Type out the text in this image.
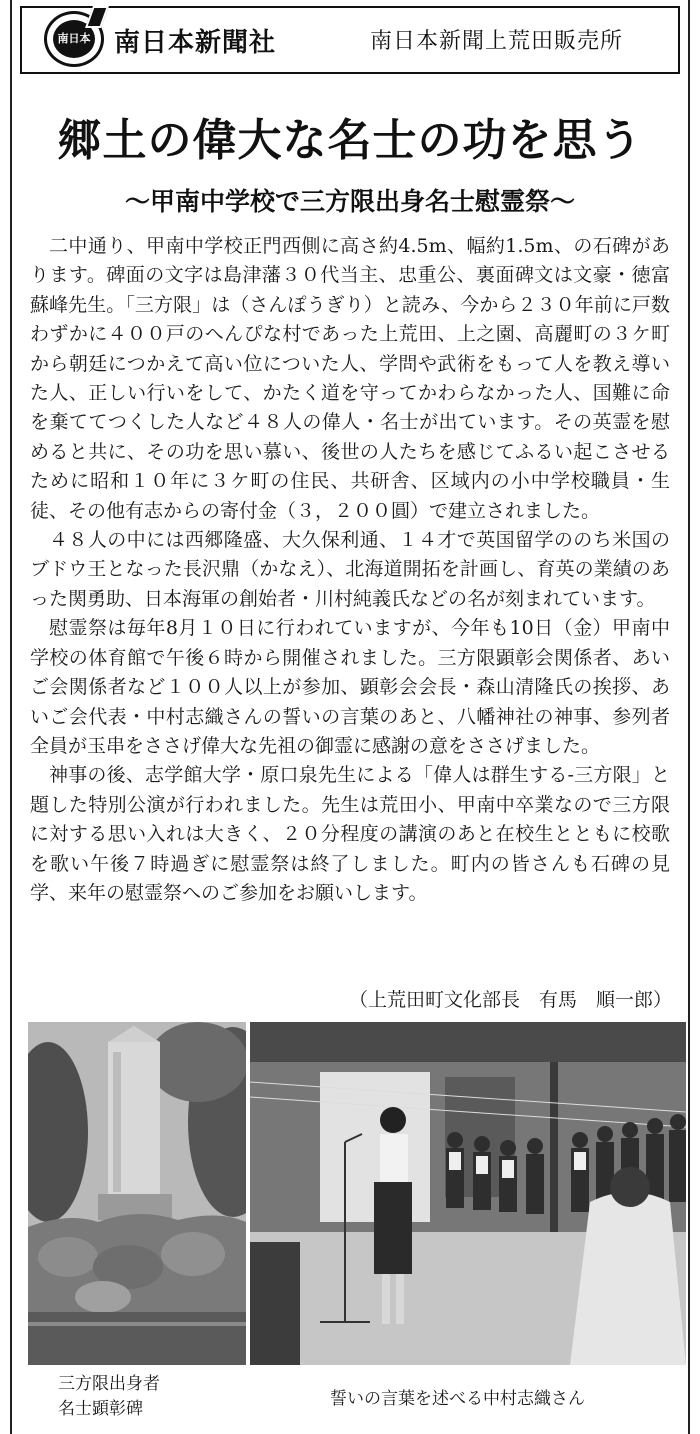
南日本 南日本新聞社	南日本新聞上荒田販売所
郷土の偉大な名士の功を思う
〜甲南中学校で三方限出身名士慰霊祭〜

二中通り、甲南中学校正門西側に高さ約4.5m、幅約1.5m、の石碑があります。碑面の文字は島津藩３０代当主、忠重公、裏面碑文は文豪・徳富蘇峰先生。「三方限」は（さんぽうぎり）と読み、今から２３０年前に戸数わずかに４００戸のへんぴな村であった上荒田、上之園、高麗町の３ケ町から朝廷につかえて高い位についた人、学問や武術をもって人を教え導いた人、正しい行いをして、かたく道を守ってかわらなかった人、国難に命を棄ててつくした人など４８人の偉人・名士が出ています。その英霊を慰めると共に、その功を思い慕い、後世の人たちを感じてふるい起こさせるために昭和１０年に３ケ町の住民、共研舎、区域内の小中学校職員・生徒、その他有志からの寄付金（３，２００圓）で建立されました。

４８人の中には西郷隆盛、大久保利通、１４才で英国留学ののち米国のブドウ王となった長沢鼎（かなえ）、北海道開拓を計画し、育英の業績のあった関勇助、日本海軍の創始者・川村純義氏などの名が刻まれています。

慰霊祭は毎年8月１０日に行われていますが、今年も10日（金）甲南中学校の体育館で午後６時から開催されました。三方限顕彰会関係者、あいご会関係者など１００人以上が参加、顕彰会会長・森山清隆氏の挨拶、あいご会代表・中村志織さんの誓いの言葉のあと、八幡神社の神事、参列者全員が玉串をささげ偉大な先祖の御霊に感謝の意をささげました。

神事の後、志学館大学・原口泉先生による「偉人は群生する-三方限」と題した特別公演が行われました。先生は荒田小、甲南中卒業なので三方限に対する思い入れは大きく、２０分程度の講演のあと在校生とともに校歌を歌い午後７時過ぎに慰霊祭は終了しました。町内の皆さんも石碑の見学、来年の慰霊祭へのご参加をお願いします。

（上荒田町文化部長　有馬　順一郎）
三方限出身者
名士顕彰碑	誓いの言葉を述べる中村志織さん
